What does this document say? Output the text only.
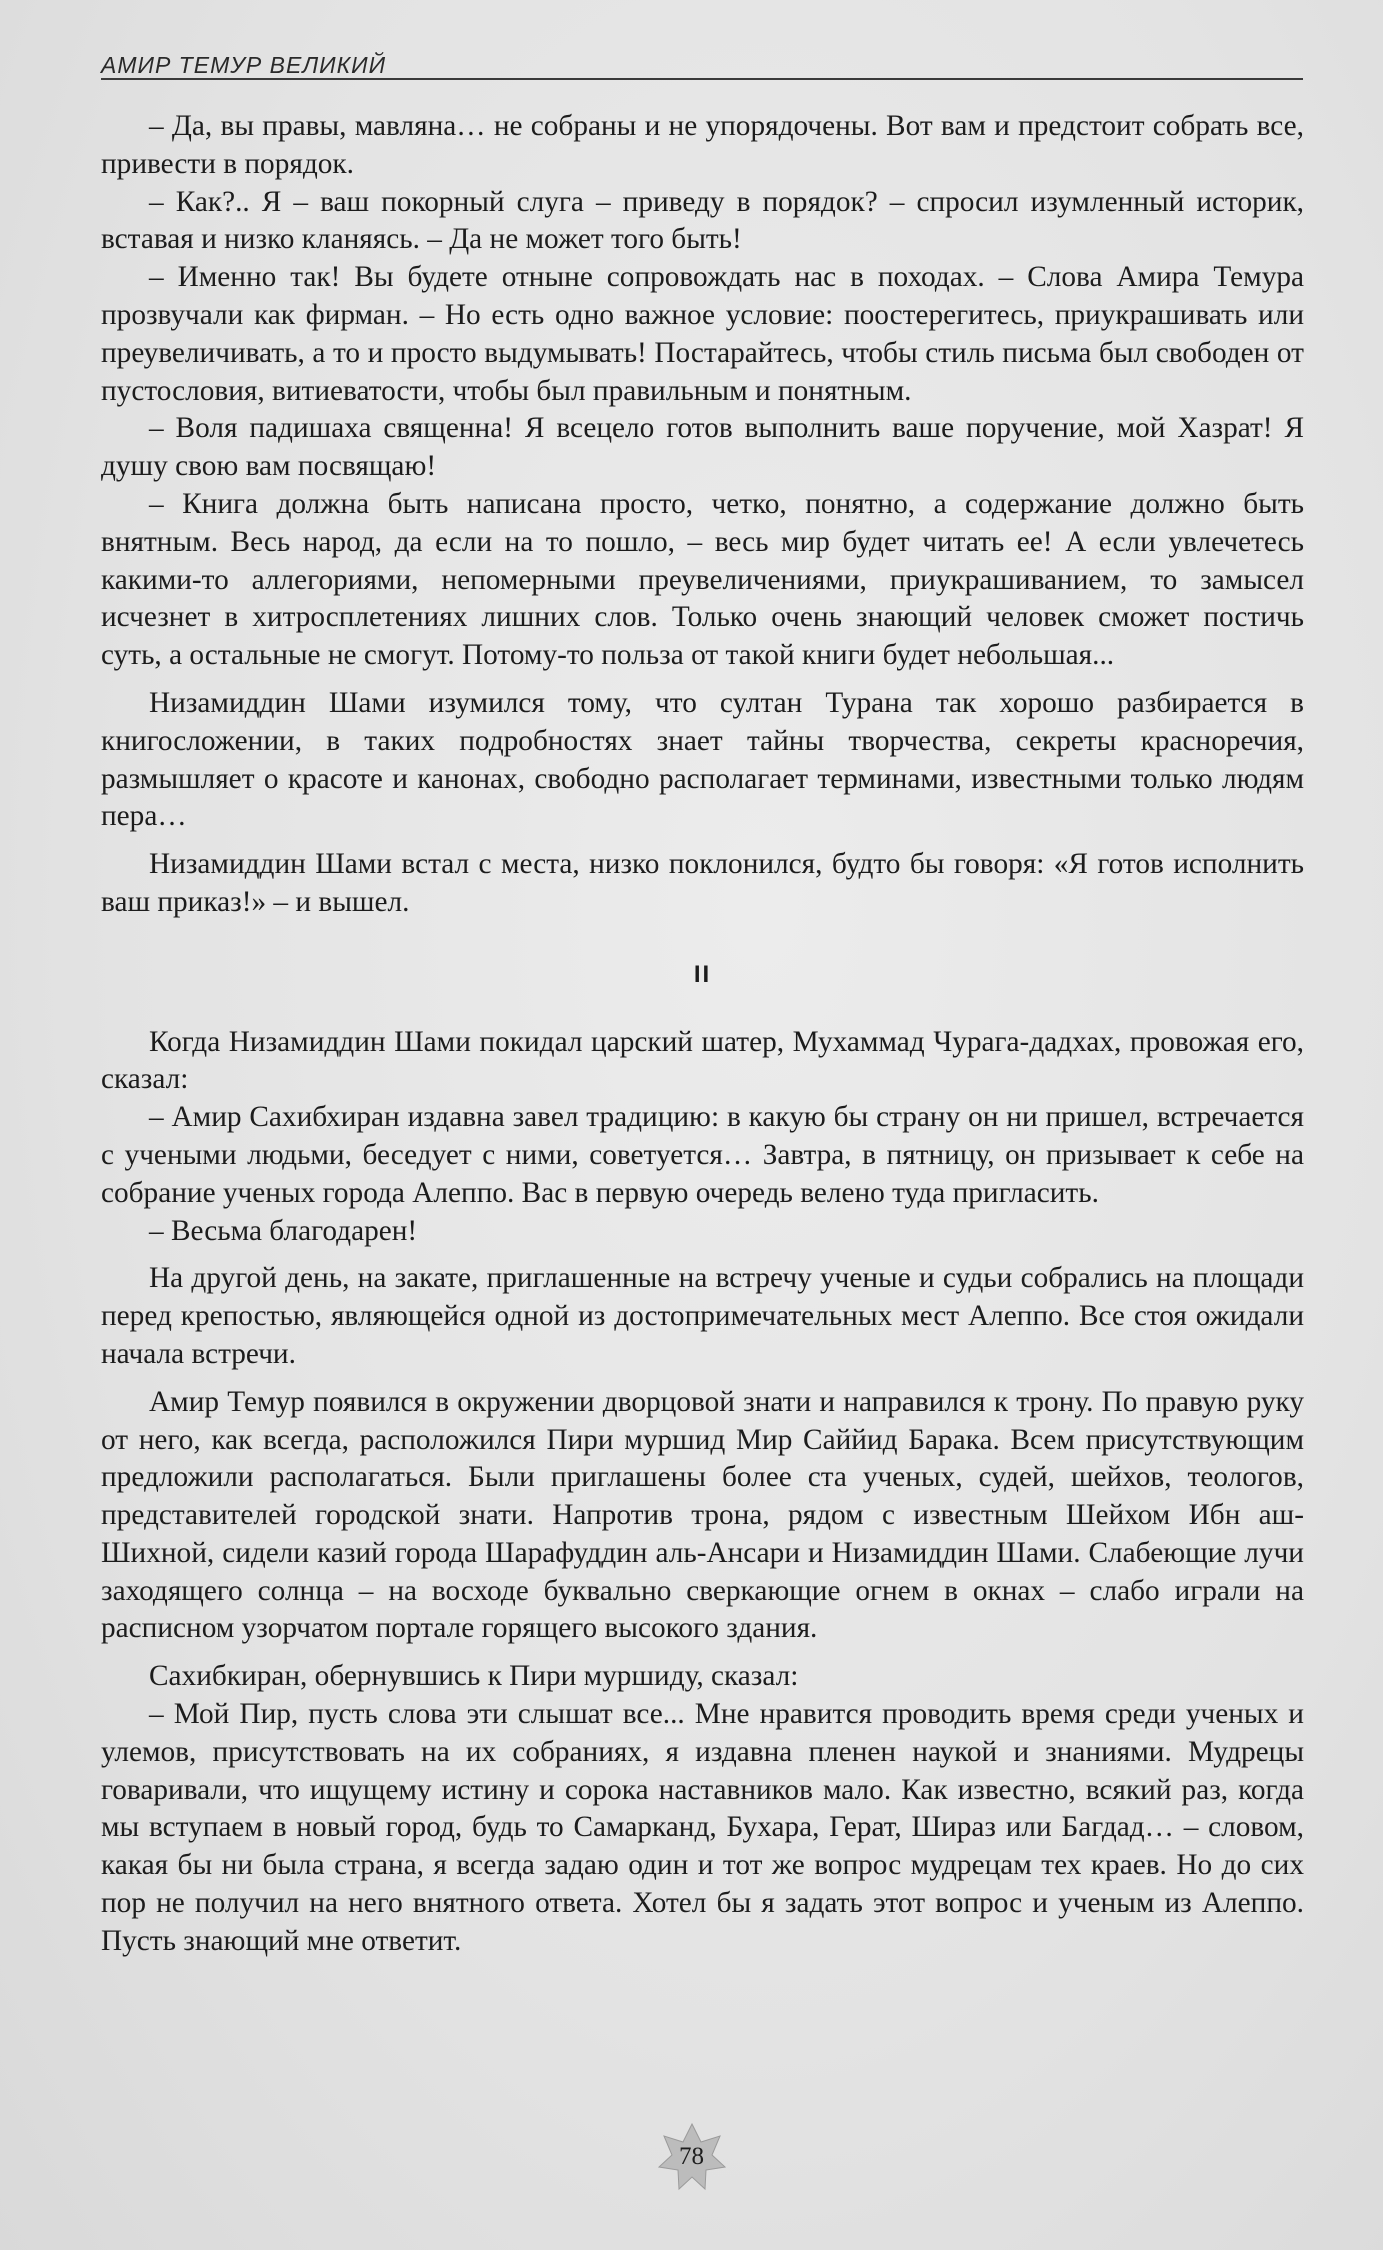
АМИР ТЕМУР ВЕЛИКИЙ

– Да, вы правы, мавляна… не собраны и не упорядочены. Вот вам и предстоит собрать все, привести в порядок.

– Как?.. Я – ваш покорный слуга – приведу в порядок? – спросил изумленный историк, вставая и низко кланяясь. – Да не может того быть!

– Именно так! Вы будете отныне сопровождать нас в походах. – Слова Амира Темура прозвучали как фирман. – Но есть одно важное условие: поостерегитесь, приукрашивать или преувеличивать, а то и просто выдумывать! Постарайтесь, чтобы стиль письма был свободен от пустословия, витиеватости, чтобы был правильным и понятным.

– Воля падишаха священна! Я всецело готов выполнить ваше поручение, мой Хазрат! Я душу свою вам посвящаю!

– Книга должна быть написана просто, четко, понятно, а содержание должно быть внятным. Весь народ, да если на то пошло, – весь мир будет читать ее! А если увлечетесь какими-то аллегориями, непомерными преувеличениями, приукрашиванием, то замысел исчезнет в хитросплетениях лишних слов. Только очень знающий человек сможет постичь суть, а остальные не смогут. Потому-то польза от такой книги будет небольшая...

Низамиддин Шами изумился тому, что султан Турана так хорошо разбирается в книгосложении, в таких подробностях знает тайны творчества, секреты красноречия, размышляет о красоте и канонах, свободно располагает терминами, известными только людям пера…

Низамиддин Шами встал с места, низко поклонился, будто бы говоря: «Я готов исполнить ваш приказ!» – и вышел.

II

Когда Низамиддин Шами покидал царский шатер, Мухаммад Чурага-дадхах, провожая его, сказал:

– Амир Сахибхиран издавна завел традицию: в какую бы страну он ни пришел, встречается с учеными людьми, беседует с ними, советуется… Завтра, в пятницу, он призывает к себе на собрание ученых города Алеппо. Вас в первую очередь велено туда пригласить.

– Весьма благодарен!

На другой день, на закате, приглашенные на встречу ученые и судьи собрались на площади перед крепостью, являющейся одной из достопримечательных мест Алеппо. Все стоя ожидали начала встречи.

Амир Темур появился в окружении дворцовой знати и направился к трону. По правую руку от него, как всегда, расположился Пири муршид Мир Саййид Барака. Всем присутствующим предложили располагаться. Были приглашены более ста ученых, судей, шейхов, теологов, представителей городской знати. Напротив трона, рядом с известным Шейхом Ибн аш-Шихной, сидели казий города Шарафуддин аль-Ансари и Низамиддин Шами. Слабеющие лучи заходящего солнца – на восходе буквально сверкающие огнем в окнах – слабо играли на расписном узорчатом портале горящего высокого здания.

Сахибкиран, обернувшись к Пири муршиду, сказал:

– Мой Пир, пусть слова эти слышат все... Мне нравится проводить время среди ученых и улемов, присутствовать на их собраниях, я издавна пленен наукой и знаниями. Мудрецы говаривали, что ищущему истину и сорока наставников мало. Как известно, всякий раз, когда мы вступаем в новый город, будь то Самарканд, Бухара, Герат, Шираз или Багдад… – словом, какая бы ни была страна, я всегда задаю один и тот же вопрос мудрецам тех краев. Но до сих пор не получил на него внятного ответа. Хотел бы я задать этот вопрос и ученым из Алеппо. Пусть знающий мне ответит.

78
